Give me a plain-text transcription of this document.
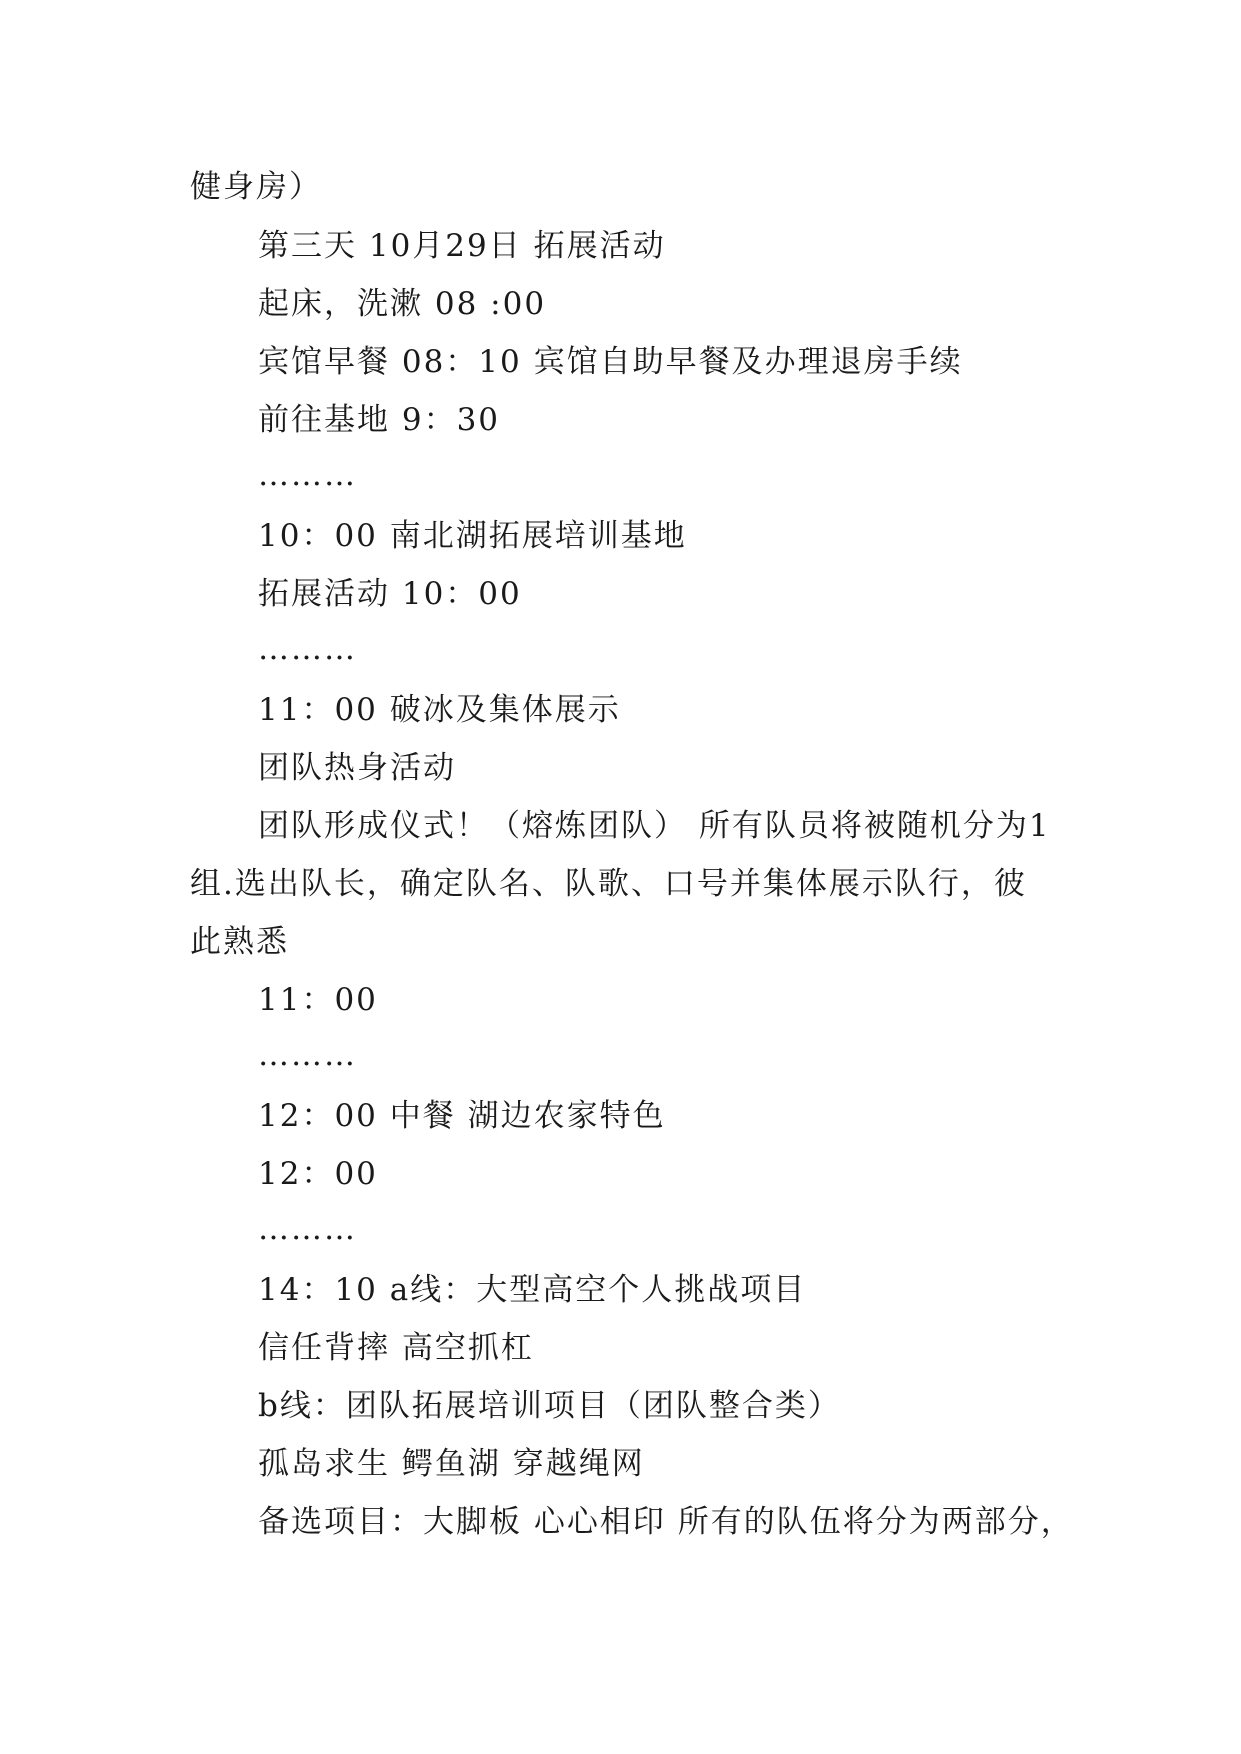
健身房）
第三天 10月29日 拓展活动
起床，洗漱 08 :00
宾馆早餐 08：10 宾馆自助早餐及办理退房手续
前往基地 9：30
………
10：00 南北湖拓展培训基地
拓展活动 10：00
………
11：00 破冰及集体展示
团队热身活动
团队形成仪式！（熔炼团队） 所有队员将被随机分为1
组.选出队长，确定队名、队歌、口号并集体展示队行，彼
此熟悉
11：00
………
12：00 中餐 湖边农家特色
12：00
………
14：10 a线：大型高空个人挑战项目
信任背摔 高空抓杠
b线：团队拓展培训项目（团队整合类）
孤岛求生 鳄鱼湖 穿越绳网
备选项目：大脚板 心心相印 所有的队伍将分为两部分，
